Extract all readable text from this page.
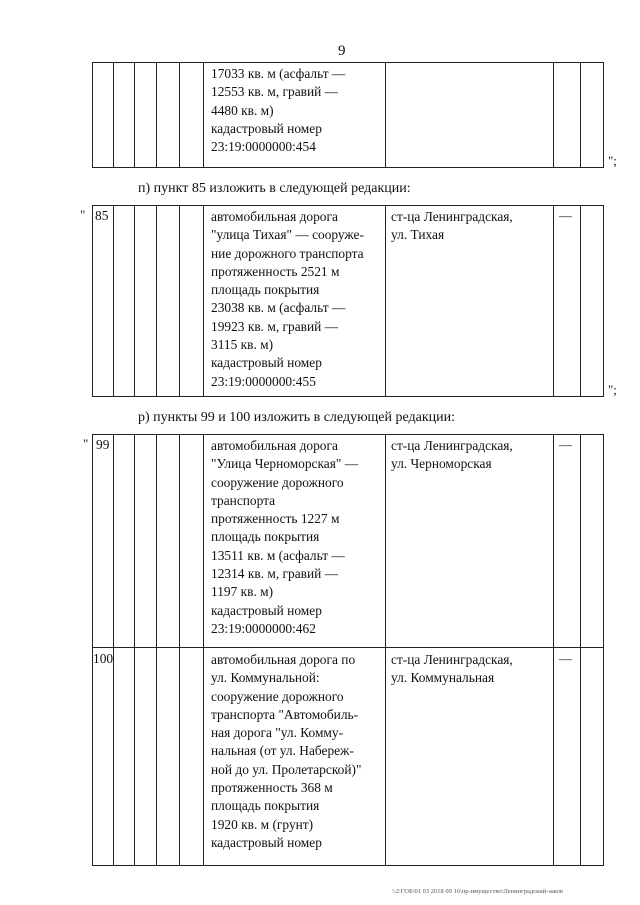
9
17033 кв. м (асфальт —
12553 кв. м, гравий —
4480 кв. м)
кадастровый номер
23:19:0000000:454
";
п) пункт 85 изложить в следующей редакции:
" 85	автомобильная дорога
"улица Тихая" — сооруже-
ние дорожного транспорта
протяженность 2521 м
площадь покрытия
23038 кв. м (асфальт —
19923 кв. м, гравий —
3115 кв. м)
кадастровый номер
23:19:0000000:455
ст-ца Ленинградская,
ул. Тихая
—
";
р) пункты 99 и 100 изложить в следующей редакции:
" 99	автомобильная дорога
"Улица Черноморская" —
сооружение дорожного
транспорта
протяженность 1227 м
площадь покрытия
13511 кв. м (асфальт —
12314 кв. м, гравий —
1197 кв. м)
кадастровый номер
23:19:0000000:462
ст-ца Ленинградская,
ул. Черноморская
—
100	автомобильная дорога по
ул. Коммунальной:
сооружение дорожного
транспорта "Автомобиль-
ная дорога "ул. Комму-
нальная (от ул. Набереж-
ной до ул. Пролетарской)"
протяженность 368 м
площадь покрытия
1920 кв. м (грунт)
кадастровый номер
ст-ца Ленинградская,
ул. Коммунальная
—
\\2:ГОБ\01 03 2018 09 16\пр-имущество\Ленинградский-заков
